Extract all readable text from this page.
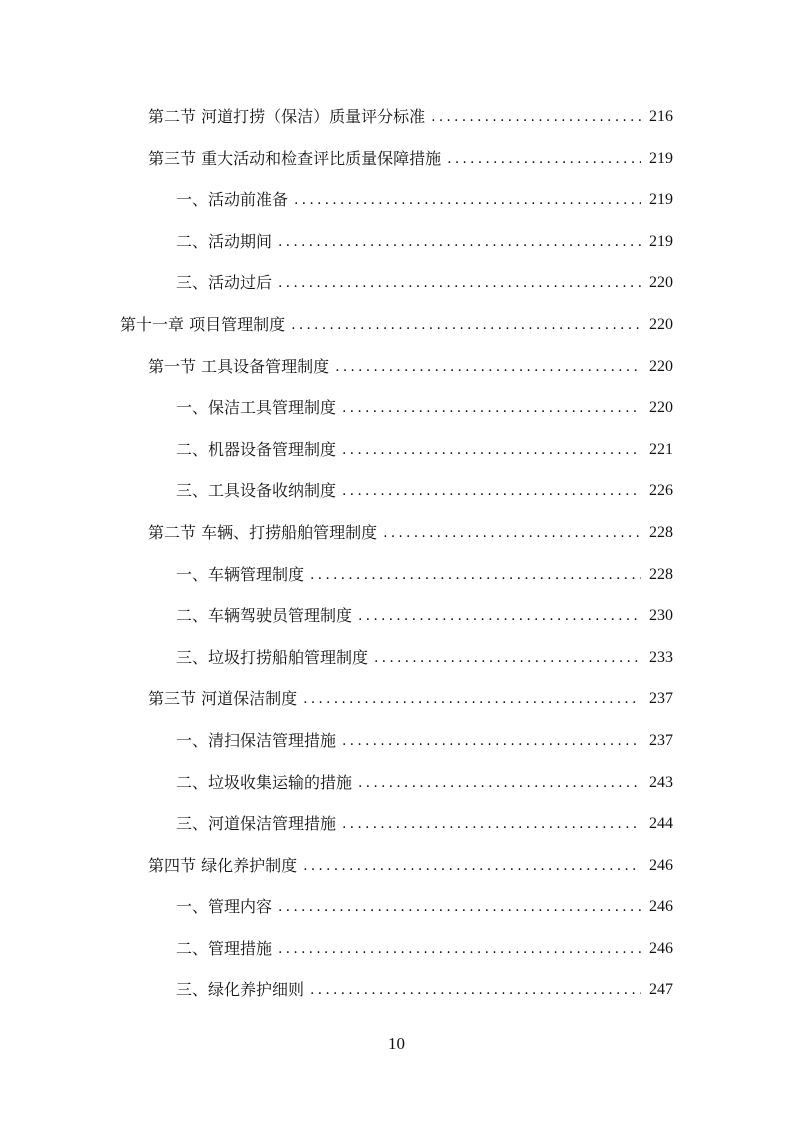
第二节 河道打捞（保洁）质量评分标准 .....	216
第三节 重大活动和检查评比质量保障措施 .....	219
一、活动前准备 .....	219
二、活动期间 .....	219
三、活动过后 .....	220
第十一章 项目管理制度 .....	220
第一节 工具设备管理制度 .....	220
一、保洁工具管理制度 .....	220
二、机器设备管理制度 .....	221
三、工具设备收纳制度 .....	226
第二节 车辆、打捞船舶管理制度 .....	228
一、车辆管理制度 .....	228
二、车辆驾驶员管理制度 .....	230
三、垃圾打捞船舶管理制度 .....	233
第三节 河道保洁制度 .....	237
一、清扫保洁管理措施 .....	237
二、垃圾收集运输的措施 .....	243
三、河道保洁管理措施 .....	244
第四节 绿化养护制度 .....	246
一、管理内容 .....	246
二、管理措施 .....	246
三、绿化养护细则 .....	247
10
